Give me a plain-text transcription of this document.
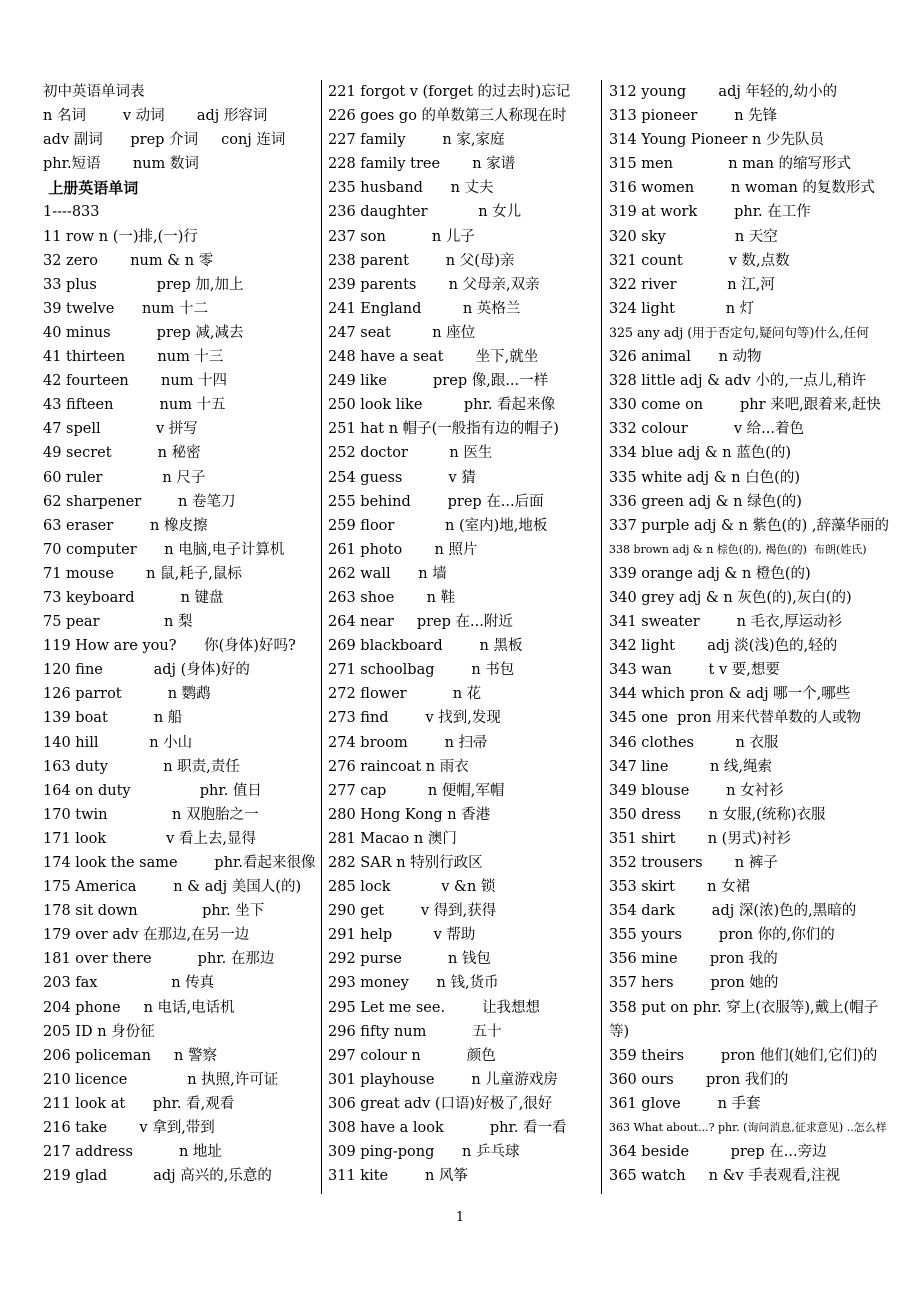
初中英语单词表
n 名词        v 动词       adj 形容词
adv 副词      prep 介词     conj 连词
phr.短语       num 数词
上册英语单词
1----833
11 row n (一)排,(一)行
32 zero       num & n 零
33 plus             prep 加,加上
39 twelve      num 十二
40 minus          prep 减,减去
41 thirteen       num 十三
42 fourteen       num 十四
43 fifteen          num 十五
47 spell            v 拼写
49 secret          n 秘密
60 ruler             n 尺子
62 sharpener        n 卷笔刀
63 eraser        n 橡皮擦
70 computer      n 电脑,电子计算机
71 mouse       n 鼠,耗子,鼠标
73 keyboard          n 键盘
75 pear              n 梨
119 How are you?      你(身体)好吗?
120 fine           adj (身体)好的
126 parrot          n 鹦鹉
139 boat          n 船
140 hill           n 小山
163 duty            n 职责,责任
164 on duty               phr. 值日
170 twin              n 双胞胎之一
171 look             v 看上去,显得
174 look the same        phr.看起来很像
175 America        n & adj 美国人(的)
178 sit down              phr. 坐下
179 over adv 在那边,在另一边
181 over there          phr. 在那边
203 fax                n 传真
204 phone     n 电话,电话机
205 ID n 身份征
206 policeman     n 警察
210 licence             n 执照,许可证
211 look at      phr. 看,观看
216 take       v 拿到,带到
217 address          n 地址
219 glad          adj 高兴的,乐意的
221 forgot v (forget 的过去时)忘记
226 goes go 的单数第三人称现在时
227 family        n 家,家庭
228 family tree       n 家谱
235 husband      n 丈夫
236 daughter           n 女儿
237 son          n 儿子
238 parent        n 父(母)亲
239 parents       n 父母亲,双亲
241 England         n 英格兰
247 seat         n 座位
248 have a seat       坐下,就坐
249 like          prep 像,跟...一样
250 look like         phr. 看起来像
251 hat n 帽子(一般指有边的帽子)
252 doctor         n 医生
254 guess          v 猜
255 behind        prep 在...后面
259 floor           n (室内)地,地板
261 photo       n 照片
262 wall      n 墙
263 shoe       n 鞋
264 near     prep 在...附近
269 blackboard        n 黑板
271 schoolbag        n 书包
272 flower          n 花
273 find        v 找到,发现
274 broom        n 扫帚
276 raincoat n 雨衣
277 cap         n 便帽,军帽
280 Hong Kong n 香港
281 Macao n 澳门
282 SAR n 特别行政区
285 lock           v &n 锁
290 get        v 得到,获得
291 help         v 帮助
292 purse          n 钱包
293 money      n 钱,货币
295 Let me see.        让我想想
296 fifty num          五十
297 colour n          颜色
301 playhouse        n 儿童游戏房
306 great adv (口语)好极了,很好
308 have a look          phr. 看一看
309 ping-pong      n 乒乓球
311 kite        n 风筝
312 young       adj 年轻的,幼小的
313 pioneer        n 先锋
314 Young Pioneer n 少先队员
315 men            n man 的缩写形式
316 women        n woman 的复数形式
319 at work        phr. 在工作
320 sky               n 天空
321 count          v 数,点数
322 river           n 江,河
324 light           n 灯
325 any adj (用于否定句,疑问句等)什么,任何
326 animal      n 动物
328 little adj & adv 小的,一点儿,稍许
330 come on        phr 来吧,跟着来,赶快
332 colour          v 给...着色
334 blue adj & n 蓝色(的)
335 white adj & n 白色(的)
336 green adj & n 绿色(的)
337 purple adj & n 紫色(的) ,辞藻华丽的
338 brown adj & n 棕色(的), 褐色(的)  布朗(姓氏)
339 orange adj & n 橙色(的)
340 grey adj & n 灰色(的),灰白(的)
341 sweater        n 毛衣,厚运动衫
342 light       adj 淡(浅)色的,轻的
343 wan        t v 要,想要
344 which pron & adj 哪一个,哪些
345 one  pron 用来代替单数的人或物
346 clothes         n 衣服
347 line         n 线,绳索
349 blouse        n 女衬衫
350 dress      n 女服,(统称)衣服
351 shirt       n (男式)衬衫
352 trousers       n 裤子
353 skirt       n 女裙
354 dark        adj 深(浓)色的,黑暗的
355 yours        pron 你的,你们的
356 mine       pron 我的
357 hers        pron 她的
358 put on phr. 穿上(衣服等),戴上(帽子等)
359 theirs        pron 他们(她们,它们)的
360 ours       pron 我们的
361 glove        n 手套
363 What about...? phr. (询问消息,征求意见) ..怎么样
364 beside         prep 在...旁边
365 watch     n &v 手表观看,注视
1
